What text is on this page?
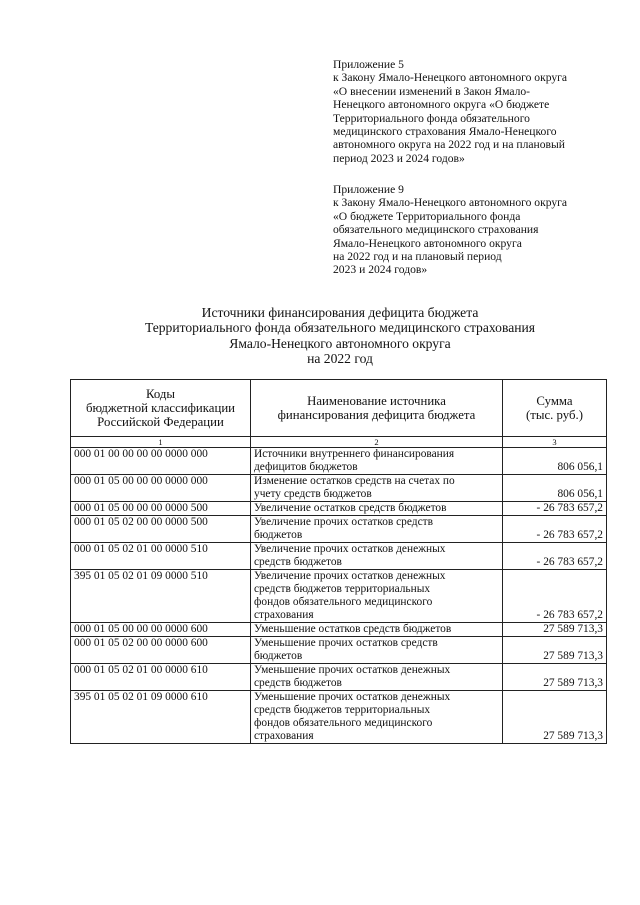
Приложение 5
к Закону Ямало-Ненецкого автономного округа
«О внесении изменений в Закон Ямало-
Ненецкого автономного округа «О бюджете
Территориального фонда обязательного
медицинского страхования Ямало-Ненецкого
автономного округа на 2022 год и на плановый
период 2023 и 2024 годов»
Приложение 9
к Закону Ямало-Ненецкого автономного округа
«О бюджете Территориального фонда
обязательного медицинского страхования
Ямало-Ненецкого автономного округа
на 2022 год и на плановый период
2023 и 2024 годов»
Источники финансирования дефицита бюджета
Территориального фонда обязательного медицинского страхования
Ямало-Ненецкого автономного округа
на 2022 год
Коды
бюджетной классификации
Российской Федерации	Наименование источника
финансирования дефицита бюджета	Сумма
(тыс. руб.)

1	2	3
000 01 00 00 00 00 0000 000	Источники внутреннего финансирования
дефицитов бюджетов	806 056,1
000 01 05 00 00 00 0000 000	Изменение остатков средств на счетах по
учету средств бюджетов	806 056,1
000 01 05 00 00 00 0000 500	Увеличение остатков средств бюджетов	- 26 783 657,2
000 01 05 02 00 00 0000 500	Увеличение прочих остатков средств
бюджетов	- 26 783 657,2
000 01 05 02 01 00 0000 510	Увеличение прочих остатков денежных
средств бюджетов	- 26 783 657,2
395 01 05 02 01 09 0000 510	Увеличение прочих остатков денежных
средств бюджетов территориальных
фондов обязательного медицинского
страхования	- 26 783 657,2
000 01 05 00 00 00 0000 600	Уменьшение остатков средств бюджетов	27 589 713,3
000 01 05 02 00 00 0000 600	Уменьшение прочих остатков средств
бюджетов	27 589 713,3
000 01 05 02 01 00 0000 610	Уменьшение прочих остатков денежных
средств бюджетов	27 589 713,3
395 01 05 02 01 09 0000 610	Уменьшение прочих остатков денежных
средств бюджетов территориальных
фондов обязательного медицинского
страхования	27 589 713,3
